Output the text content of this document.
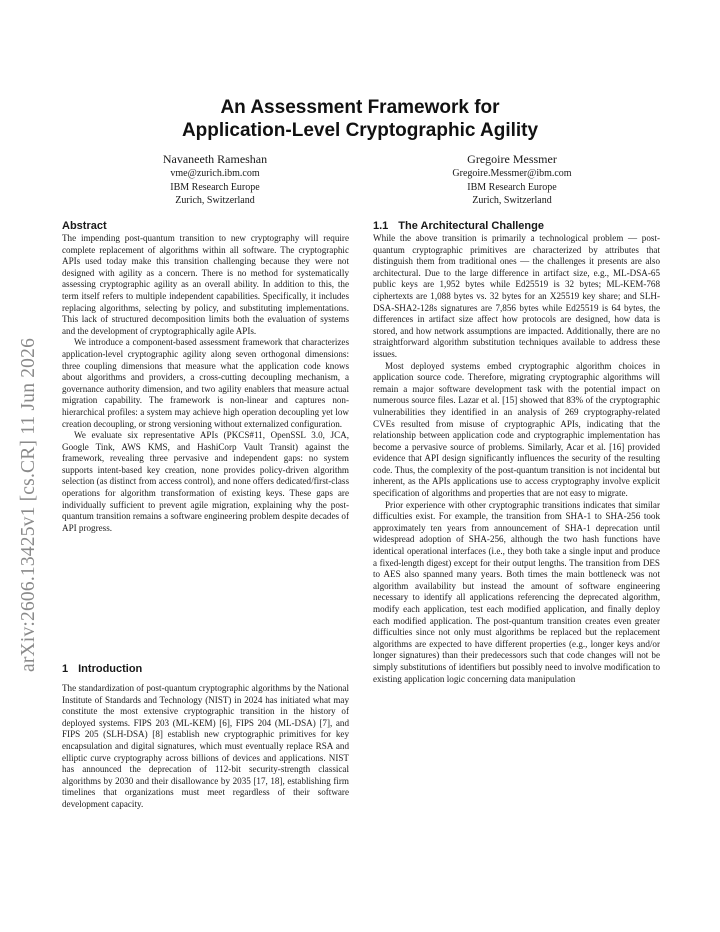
arXiv:2606.13425v1 [cs.CR] 11 Jun 2026
An Assessment Framework for
Application-Level Cryptographic Agility
Navaneeth Rameshan
vme@zurich.ibm.com
IBM Research Europe
Zurich, Switzerland
Gregoire Messmer
Gregoire.Messmer@ibm.com
IBM Research Europe
Zurich, Switzerland
Abstract

The impending post-quantum transition to new cryptography will require complete replacement of algorithms within all software. The cryptographic APIs used today make this transition challenging because they were not designed with agility as a concern. There is no method for systematically assessing cryptographic agility as an overall ability. In addition to this, the term itself refers to multiple independent capabilities. Specifically, it includes replacing algorithms, selecting by policy, and substituting implementations. This lack of structured decomposition limits both the evaluation of systems and the development of cryptographically agile APIs.

We introduce a component-based assessment framework that characterizes application-level cryptographic agility along seven orthogonal dimensions: three coupling dimensions that measure what the application code knows about algorithms and providers, a cross-cutting decoupling mechanism, a governance authority dimension, and two agility enablers that measure actual migration capability. The framework is non-linear and captures non-hierarchical profiles: a system may achieve high operation decoupling yet low creation decoupling, or strong versioning without externalized configuration.

We evaluate six representative APIs (PKCS#11, OpenSSL 3.0, JCA, Google Tink, AWS KMS, and HashiCorp Vault Transit) against the framework, revealing three pervasive and independent gaps: no system supports intent-based key creation, none provides policy-driven algorithm selection (as distinct from access control), and none offers dedicated/first-class operations for algorithm transformation of existing keys. These gaps are individually sufficient to prevent agile migration, explaining why the post-quantum transition remains a software engineering problem despite decades of API progress.

1 Introduction

The standardization of post-quantum cryptographic algorithms by the National Institute of Standards and Technology (NIST) in 2024 has initiated what may constitute the most extensive cryptographic transition in the history of deployed systems. FIPS 203 (ML-KEM) [6], FIPS 204 (ML-DSA) [7], and FIPS 205 (SLH-DSA) [8] establish new cryptographic primitives for key encapsulation and digital signatures, which must eventually replace RSA and elliptic curve cryptography across billions of devices and applications. NIST has announced the deprecation of 112-bit security-strength classical algorithms by 2030 and their disallowance by 2035 [17, 18], establishing firm timelines that organizations must meet regardless of their software development capacity.

1.1 The Architectural Challenge

While the above transition is primarily a technological problem — post-quantum cryptographic primitives are characterized by attributes that distinguish them from traditional ones — the challenges it presents are also architectural. Due to the large difference in artifact size, e.g., ML-DSA-65 public keys are 1,952 bytes while Ed25519 is 32 bytes; ML-KEM-768 ciphertexts are 1,088 bytes vs. 32 bytes for an X25519 key share; and SLH-DSA-SHA2-128s signatures are 7,856 bytes while Ed25519 is 64 bytes, the differences in artifact size affect how protocols are designed, how data is stored, and how network assumptions are impacted. Additionally, there are no straightforward algorithm substitution techniques available to address these issues.

Most deployed systems embed cryptographic algorithm choices in application source code. Therefore, migrating cryptographic algorithms will remain a major software development task with the potential impact on numerous source files. Lazar et al. [15] showed that 83% of the cryptographic vulnerabilities they identified in an analysis of 269 cryptography-related CVEs resulted from misuse of cryptographic APIs, indicating that the relationship between application code and cryptographic implementation has become a pervasive source of problems. Similarly, Acar et al. [16] provided evidence that API design significantly influences the security of the resulting code. Thus, the complexity of the post-quantum transition is not incidental but inherent, as the APIs applications use to access cryptography involve explicit specification of algorithms and properties that are not easy to migrate.

Prior experience with other cryptographic transitions indicates that similar difficulties exist. For example, the transition from SHA-1 to SHA-256 took approximately ten years from announcement of SHA-1 deprecation until widespread adoption of SHA-256, although the two hash functions have identical operational interfaces (i.e., they both take a single input and produce a fixed-length digest) except for their output lengths. The transition from DES to AES also spanned many years. Both times the main bottleneck was not algorithm availability but instead the amount of software engineering necessary to identify all applications referencing the deprecated algorithm, modify each application, test each modified application, and finally deploy each modified application. The post-quantum transition creates even greater difficulties since not only must algorithms be replaced but the replacement algorithms are expected to have different properties (e.g., longer keys and/or longer signatures) than their predecessors such that code changes will not be simply substitutions of identifiers but possibly need to involve modification to existing application logic concerning data manipulation
